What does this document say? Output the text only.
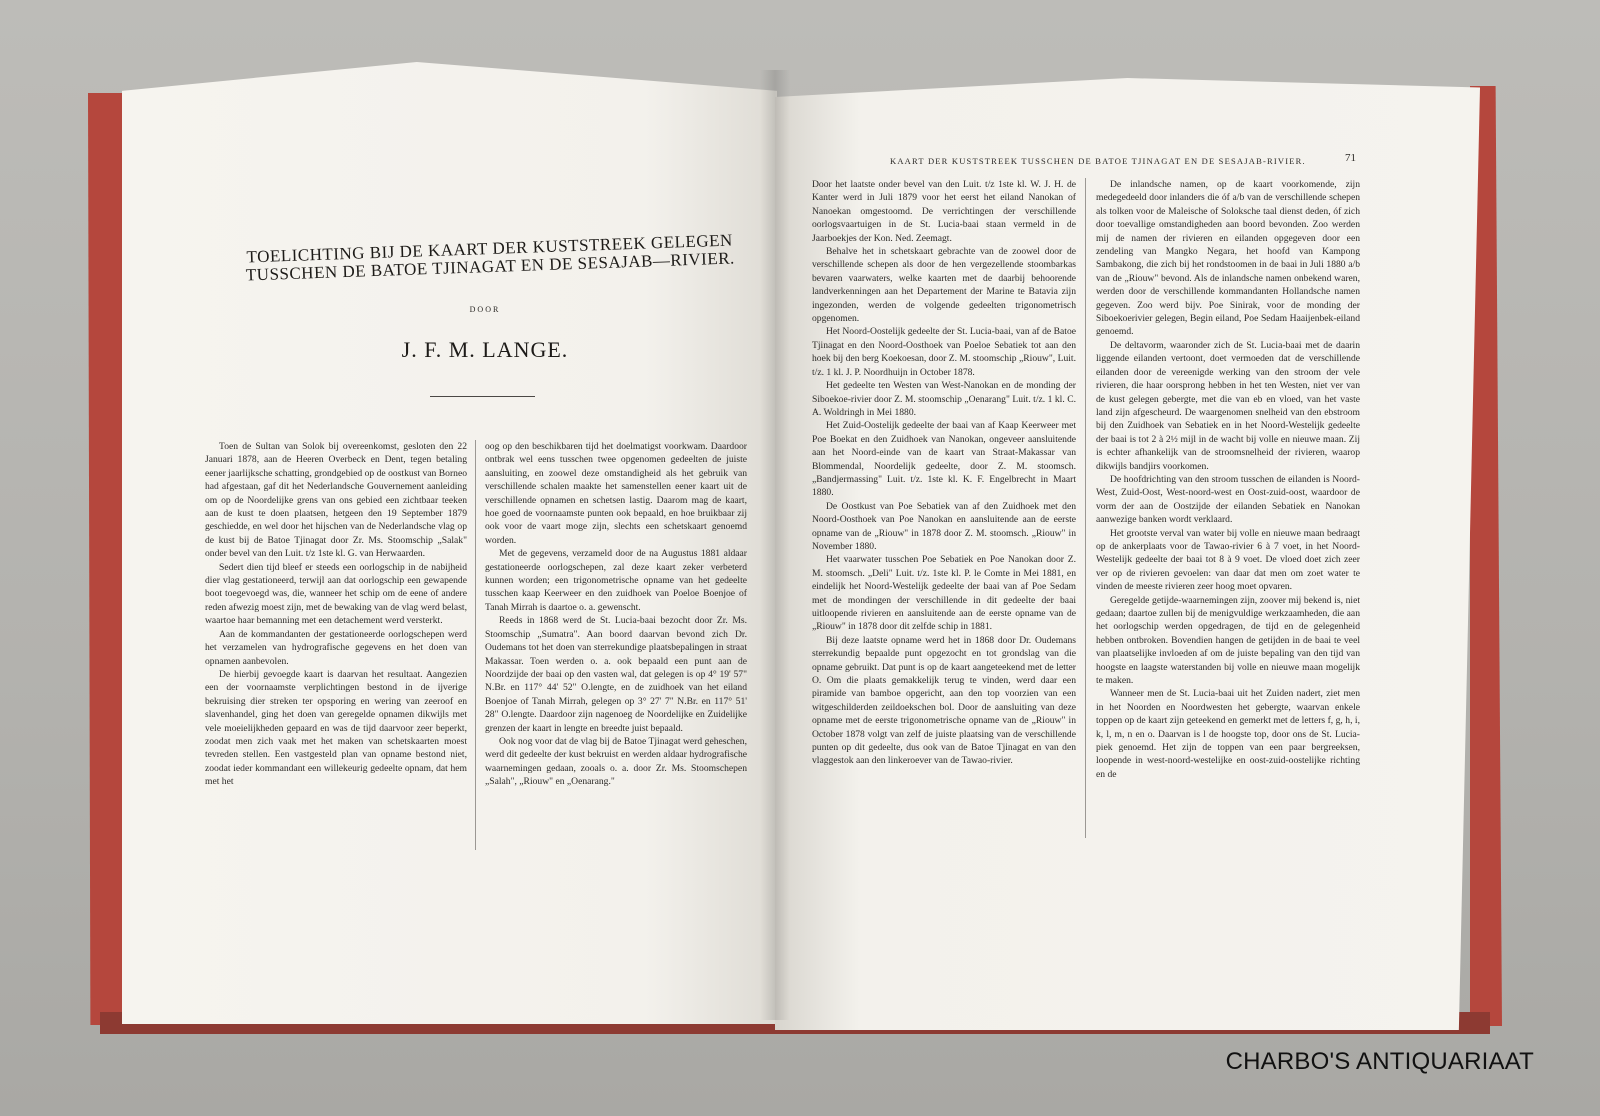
TOELICHTING BIJ DE KAART DER KUSTSTREEK GELEGEN TUSSCHEN DE BATOE TJINAGAT EN DE SESAJAB—RIVIER.
DOOR
J. F. M. LANGE.

Toen de Sultan van Solok bij overeenkomst, gesloten den 22 Januari 1878, aan de Heeren Overbeck en Dent, tegen betaling eener jaarlijksche schatting, grondgebied op de oostkust van Borneo had afgestaan, gaf dit het Nederlandsche Gouvernement aanleiding om op de Noordelijke grens van ons gebied een zichtbaar teeken aan de kust te doen plaatsen, hetgeen den 19 September 1879 geschiedde, en wel door het hijschen van de Nederlandsche vlag op de kust bij de Batoe Tjinagat door Zr. Ms. Stoomschip „Salak" onder bevel van den Luit. t/z 1ste kl. G. van Herwaarden.

Sedert dien tijd bleef er steeds een oorlogschip in de nabijheid dier vlag gestationeerd, terwijl aan dat oorlogschip een gewapende boot toegevoegd was, die, wanneer het schip om de eene of andere reden afwezig moest zijn, met de bewaking van de vlag werd belast, waartoe haar bemanning met een detachement werd versterkt.

Aan de kommandanten der gestationeerde oorlogschepen werd het verzamelen van hydrografische gegevens en het doen van opnamen aanbevolen.

De hierbij gevoegde kaart is daarvan het resultaat. Aangezien een der voornaamste verplichtingen bestond in de ijverige bekruising dier streken ter opsporing en wering van zeeroof en slavenhandel, ging het doen van geregelde opnamen dikwijls met vele moeielijkheden gepaard en was de tijd daarvoor zeer beperkt, zoodat men zich vaak met het maken van schetskaarten moest tevreden stellen. Een vastgesteld plan van opname bestond niet, zoodat ieder kommandant een willekeurig gedeelte opnam, dat hem met het

oog op den beschikbaren tijd het doelmatigst voorkwam. Daardoor ontbrak wel eens tusschen twee opgenomen gedeelten de juiste aansluiting, en zoowel deze omstandigheid als het gebruik van verschillende schalen maakte het samenstellen eener kaart uit de verschillende opnamen en schetsen lastig. Daarom mag de kaart, hoe goed de voornaamste punten ook bepaald, en hoe bruikbaar zij ook voor de vaart moge zijn, slechts een schetskaart genoemd worden.

Met de gegevens, verzameld door de na Augustus 1881 aldaar gestationeerde oorlogschepen, zal deze kaart zeker verbeterd kunnen worden; een trigonometrische opname van het gedeelte tusschen kaap Keerweer en den zuidhoek van Poeloe Boenjoe of Tanah Mirrah is daartoe o. a. gewenscht.

Reeds in 1868 werd de St. Lucia-baai bezocht door Zr. Ms. Stoomschip „Sumatra". Aan boord daarvan bevond zich Dr. Oudemans tot het doen van sterrekundige plaatsbepalingen in straat Makassar. Toen werden o. a. ook bepaald een punt aan de Noordzijde der baai op den vasten wal, dat gelegen is op 4° 19' 57" N.Br. en 117° 44' 52" O.lengte, en de zuidhoek van het eiland Boenjoe of Tanah Mirrah, gelegen op 3° 27' 7" N.Br. en 117° 51' 28" O.lengte. Daardoor zijn nagenoeg de Noordelijke en Zuidelijke grenzen der kaart in lengte en breedte juist bepaald.

Ook nog voor dat de vlag bij de Batoe Tjinagat werd geheschen, werd dit gedeelte der kust bekruist en werden aldaar hydrografische waarnemingen gedaan, zooals o. a. door Zr. Ms. Stoomschepen „Salah", „Riouw" en „Oenarang."

KAART DER KUSTSTREEK TUSSCHEN DE BATOE TJINAGAT EN DE SESAJAB-RIVIER.	71

Door het laatste onder bevel van den Luit. t/z 1ste kl. W. J. H. de Kanter werd in Juli 1879 voor het eerst het eiland Nanokan of Nanoekan omgestoomd. De verrichtingen der verschillende oorlogsvaartuigen in de St. Lucia-baai staan vermeld in de Jaarboekjes der Kon. Ned. Zeemagt.

Behalve het in schetskaart gebrachte van de zoowel door de verschillende schepen als door de hen vergezellende stoombarkas bevaren vaarwaters, welke kaarten met de daarbij behoorende landverkenningen aan het Departement der Marine te Batavia zijn ingezonden, werden de volgende gedeelten trigonometrisch opgenomen.

Het Noord-Oostelijk gedeelte der St. Lucia-baai, van af de Batoe Tjinagat en den Noord-Oosthoek van Poeloe Sebatiek tot aan den hoek bij den berg Koekoesan, door Z. M. stoomschip „Riouw", Luit. t/z. 1 kl. J. P. Noordhuijn in October 1878.

Het gedeelte ten Westen van West-Nanokan en de monding der Siboekoe-rivier door Z. M. stoomschip „Oenarang" Luit. t/z. 1 kl. C. A. Woldringh in Mei 1880.

Het Zuid-Oostelijk gedeelte der baai van af Kaap Keerweer met Poe Boekat en den Zuidhoek van Nanokan, ongeveer aansluitende aan het Noord-einde van de kaart van Straat-Makassar van Blommendal, Noordelijk gedeelte, door Z. M. stoomsch. „Bandjermassing" Luit. t/z. 1ste kl. K. F. Engelbrecht in Maart 1880.

De Oostkust van Poe Sebatiek van af den Zuidhoek met den Noord-Oosthoek van Poe Nanokan en aansluitende aan de eerste opname van de „Riouw" in 1878 door Z. M. stoomsch. „Riouw" in November 1880.

Het vaarwater tusschen Poe Sebatiek en Poe Nanokan door Z. M. stoomsch. „Deli" Luit. t/z. 1ste kl. P. le Comte in Mei 1881, en eindelijk het Noord-Westelijk gedeelte der baai van af Poe Sedam met de mondingen der verschillende in dit gedeelte der baai uitloopende rivieren en aansluitende aan de eerste opname van de „Riouw" in 1878 door dit zelfde schip in 1881.

Bij deze laatste opname werd het in 1868 door Dr. Oudemans sterrekundig bepaalde punt opgezocht en tot grondslag van die opname gebruikt. Dat punt is op de kaart aangeteekend met de letter O. Om die plaats gemakkelijk terug te vinden, werd daar een piramide van bamboe opgericht, aan den top voorzien van een witgeschilderden zeildoekschen bol. Door de aansluiting van deze opname met de eerste trigonometrische opname van de „Riouw" in October 1878 volgt van zelf de juiste plaatsing van de verschillende punten op dit gedeelte, dus ook van de Batoe Tjinagat en van den vlaggestok aan den linkeroever van de Tawao-rivier.

De inlandsche namen, op de kaart voorkomende, zijn medegedeeld door inlanders die óf a/b van de verschillende schepen als tolken voor de Maleische of Soloksche taal dienst deden, óf zich door toevallige omstandigheden aan boord bevonden. Zoo werden mij de namen der rivieren en eilanden opgegeven door een zendeling van Mangko Negara, het hoofd van Kampong Sambakong, die zich bij het rondstoomen in de baai in Juli 1880 a/b van de „Riouw" bevond. Als de inlandsche namen onbekend waren, werden door de verschillende kommandanten Hollandsche namen gegeven. Zoo werd bijv. Poe Sinirak, voor de monding der Siboekoerivier gelegen, Begin eiland, Poe Sedam Haaijenbek-eiland genoemd.

De deltavorm, waaronder zich de St. Lucia-baai met de daarin liggende eilanden vertoont, doet vermoeden dat de verschillende eilanden door de vereenigde werking van den stroom der vele rivieren, die haar oorsprong hebben in het ten Westen, niet ver van de kust gelegen gebergte, met die van eb en vloed, van het vaste land zijn afgescheurd. De waargenomen snelheid van den ebstroom bij den Zuidhoek van Sebatiek en in het Noord-Westelijk gedeelte der baai is tot 2 à 2½ mijl in de wacht bij volle en nieuwe maan. Zij is echter afhankelijk van de stroomsnelheid der rivieren, waarop dikwijls bandjirs voorkomen.

De hoofdrichting van den stroom tusschen de eilanden is Noord-West, Zuid-Oost, West-noord-west en Oost-zuid-oost, waardoor de vorm der aan de Oostzijde der eilanden Sebatiek en Nanokan aanwezige banken wordt verklaard.

Het grootste verval van water bij volle en nieuwe maan bedraagt op de ankerplaats voor de Tawao-rivier 6 à 7 voet, in het Noord-Westelijk gedeelte der baai tot 8 à 9 voet. De vloed doet zich zeer ver op de rivieren gevoelen: van daar dat men om zoet water te vinden de meeste rivieren zeer hoog moet opvaren.

Geregelde getijde-waarnemingen zijn, zoover mij bekend is, niet gedaan; daartoe zullen bij de menigvuldige werkzaamheden, die aan het oorlogschip werden opgedragen, de tijd en de gelegenheid hebben ontbroken. Bovendien hangen de getijden in de baai te veel van plaatselijke invloeden af om de juiste bepaling van den tijd van hoogste en laagste waterstanden bij volle en nieuwe maan mogelijk te maken.

Wanneer men de St. Lucia-baai uit het Zuiden nadert, ziet men in het Noorden en Noordwesten het gebergte, waarvan enkele toppen op de kaart zijn geteekend en gemerkt met de letters f, g, h, i, k, l, m, n en o. Daarvan is l de hoogste top, door ons de St. Lucia-piek genoemd. Het zijn de toppen van een paar bergreeksen, loopende in west-noord-westelijke en oost-zuid-oostelijke richting en de

CHARBO'S ANTIQUARIAAT
